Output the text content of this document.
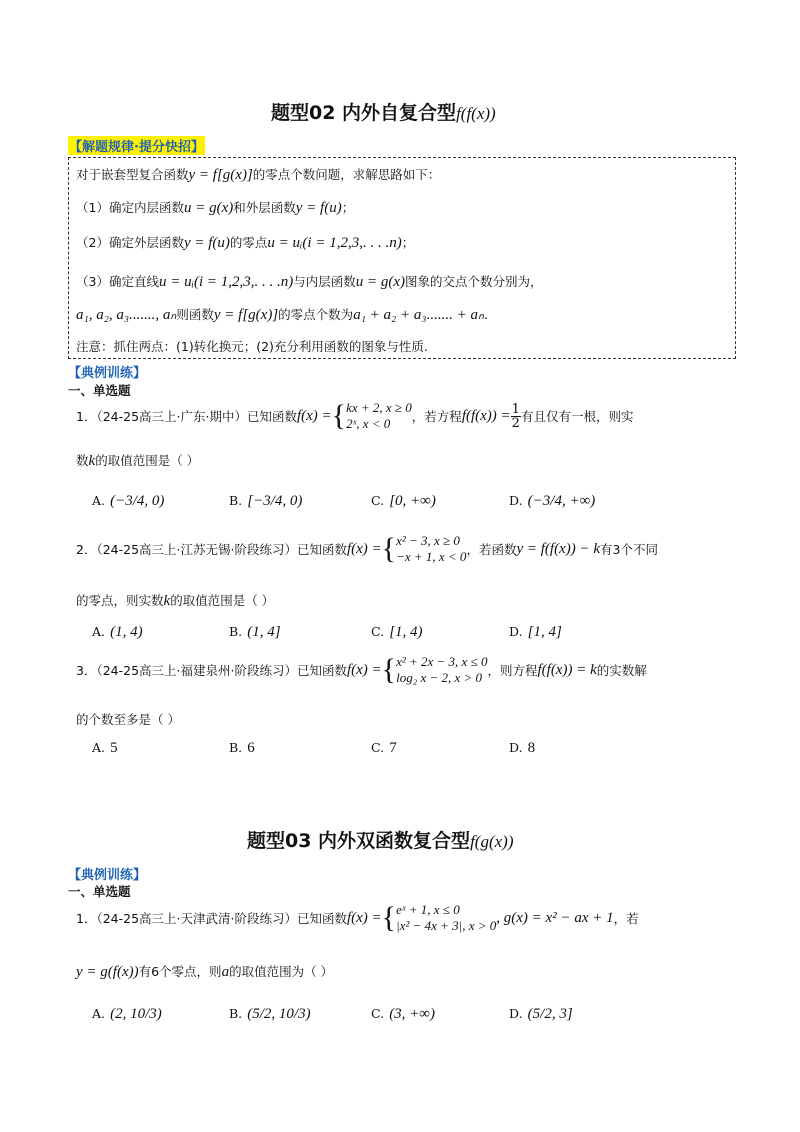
题型02 内外自复合型f(f(x))
【解题规律·提分快招】
对于嵌套型复合函数y = f[g(x)]的零点个数问题，求解思路如下：
（1）确定内层函数u = g(x)和外层函数y = f(u)；
（2）确定外层函数y = f(u)的零点u = uᵢ(i = 1,2,3,. . . .n)；
（3）确定直线u = uᵢ(i = 1,2,3,. . . .n)与内层函数u = g(x)图象的交点个数分别为，
a₁, a₂, a₃......., aₙ则函数y = f[g(x)]的零点个数为a₁ + a₂ + a₃....... + aₙ.
注意：抓住两点：(1)转化换元；(2)充分利用函数的图象与性质.
【典例训练】
一、单选题
1．（24-25高三上·广东·期中）已知函数 f(x) = { kx + 2, x ≥ 0
2ˣ, x < 0	，若方程 $f(f(x)) = \frac{1}{2}$ 有且仅有一根，则实
数k的取值范围是（ ）
A. (−3/4, 0)	B. [−3/4, 0)	C. [0, +∞)	D. (−3/4, +∞)
2．（24-25高三上·江苏无锡·阶段练习）已知函数 f(x) = { x² − 3, x ≥ 0
−x + 1, x < 0 ，若函数 y = f(f(x)) − k 有3个不同
的零点，则实数k的取值范围是（ ）
A. (1, 4)	B. (1, 4]	C. [1, 4)	D. [1, 4]
3．（24-25高三上·福建泉州·阶段练习）已知函数 f(x) = { x² + 2x − 3, x ≤ 0
log₂ x − 2, x > 0 ，则方程 f(f(x)) = k 的实数解
的个数至多是（ ）
A. 5	B. 6	C. 7	D. 8
题型03 内外双函数复合型f(g(x))
【典例训练】
一、单选题
1．（24-25高三上·天津武清·阶段练习）已知函数 f(x) = { eˣ + 1, x ≤ 0
|x² − 4x + 3|, x > 0 , g(x) = x² − ax + 1 ，若
y = g(f(x))有6个零点，则a的取值范围为（ ）
A. (2, 10/3)	B. (5/2, 10/3)	C. (3, +∞)	D. (5/2, 3]
